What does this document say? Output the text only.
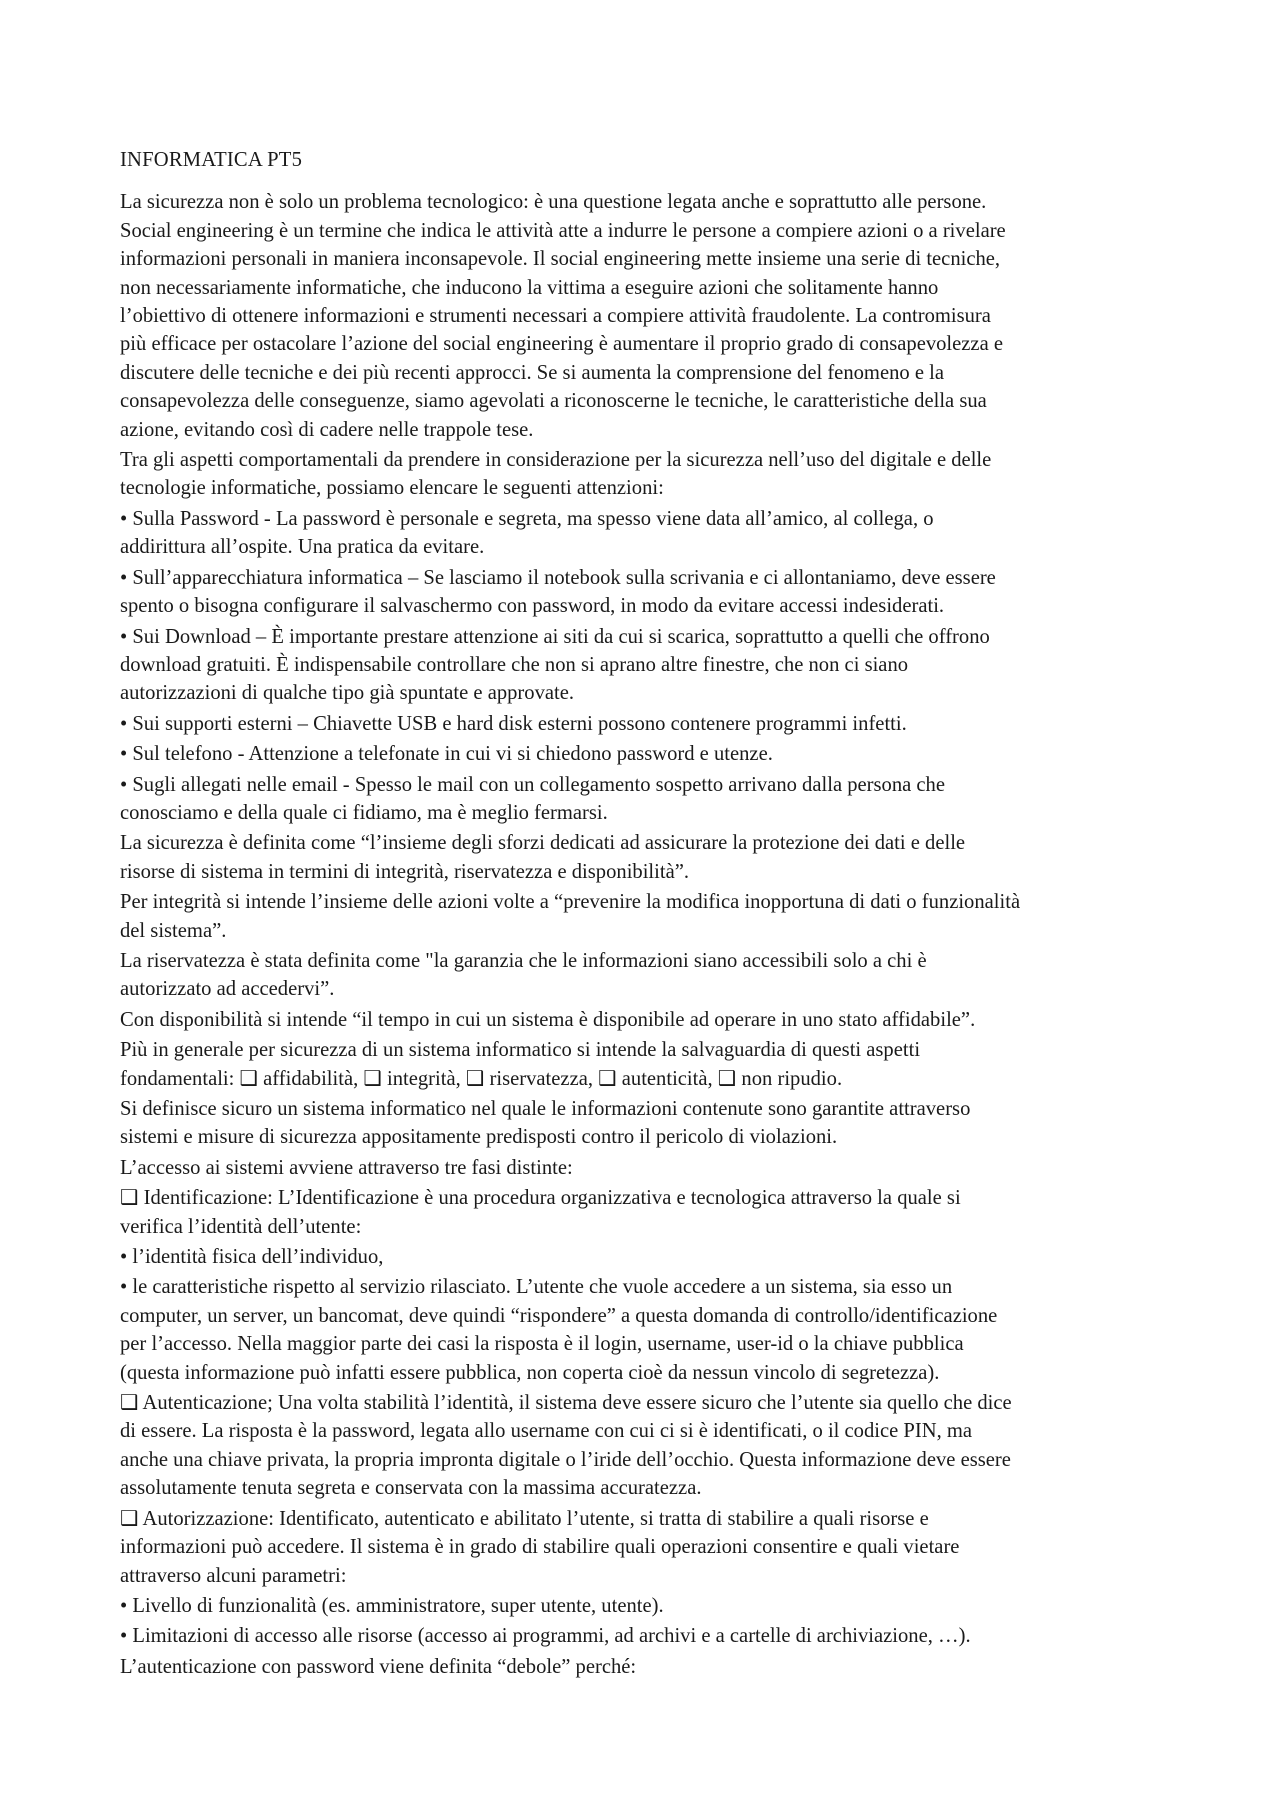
INFORMATICA PT5
La sicurezza non è solo un problema tecnologico: è una questione legata anche e soprattutto alle persone.
Social engineering è un termine che indica le attività atte a indurre le persone a compiere azioni o a rivelare
informazioni personali in maniera inconsapevole. Il social engineering mette insieme una serie di tecniche,
non necessariamente informatiche, che inducono la vittima a eseguire azioni che solitamente hanno
l’obiettivo di ottenere informazioni e strumenti necessari a compiere attività fraudolente. La contromisura
più efficace per ostacolare l’azione del social engineering è aumentare il proprio grado di consapevolezza e
discutere delle tecniche e dei più recenti approcci. Se si aumenta la comprensione del fenomeno e la
consapevolezza delle conseguenze, siamo agevolati a riconoscerne le tecniche, le caratteristiche della sua
azione, evitando così di cadere nelle trappole tese.
Tra gli aspetti comportamentali da prendere in considerazione per la sicurezza nell’uso del digitale e delle
tecnologie informatiche, possiamo elencare le seguenti attenzioni:
• Sulla Password - La password è personale e segreta, ma spesso viene data all’amico, al collega, o
addirittura all’ospite. Una pratica da evitare.
• Sull’apparecchiatura informatica – Se lasciamo il notebook sulla scrivania e ci allontaniamo, deve essere
spento o bisogna configurare il salvaschermo con password, in modo da evitare accessi indesiderati.
• Sui Download – È importante prestare attenzione ai siti da cui si scarica, soprattutto a quelli che offrono
download gratuiti. È indispensabile controllare che non si aprano altre finestre, che non ci siano
autorizzazioni di qualche tipo già spuntate e approvate.
• Sui supporti esterni – Chiavette USB e hard disk esterni possono contenere programmi infetti.
• Sul telefono - Attenzione a telefonate in cui vi si chiedono password e utenze.
• Sugli allegati nelle email - Spesso le mail con un collegamento sospetto arrivano dalla persona che
conosciamo e della quale ci fidiamo, ma è meglio fermarsi.
La sicurezza è definita come “l’insieme degli sforzi dedicati ad assicurare la protezione dei dati e delle
risorse di sistema in termini di integrità, riservatezza e disponibilità”.
Per integrità si intende l’insieme delle azioni volte a “prevenire la modifica inopportuna di dati o funzionalità
del sistema”.
La riservatezza è stata definita come "la garanzia che le informazioni siano accessibili solo a chi è
autorizzato ad accedervi”.
Con disponibilità si intende “il tempo in cui un sistema è disponibile ad operare in uno stato affidabile”.
Più in generale per sicurezza di un sistema informatico si intende la salvaguardia di questi aspetti
fondamentali: ❑ affidabilità, ❑ integrità, ❑ riservatezza, ❑ autenticità, ❑ non ripudio.
Si definisce sicuro un sistema informatico nel quale le informazioni contenute sono garantite attraverso
sistemi e misure di sicurezza appositamente predisposti contro il pericolo di violazioni.
L’accesso ai sistemi avviene attraverso tre fasi distinte:
❑ Identificazione: L’Identificazione è una procedura organizzativa e tecnologica attraverso la quale si
verifica l’identità dell’utente:
• l’identità fisica dell’individuo,
• le caratteristiche rispetto al servizio rilasciato. L’utente che vuole accedere a un sistema, sia esso un
computer, un server, un bancomat, deve quindi “rispondere” a questa domanda di controllo/identificazione
per l’accesso. Nella maggior parte dei casi la risposta è il login, username, user-id o la chiave pubblica
(questa informazione può infatti essere pubblica, non coperta cioè da nessun vincolo di segretezza).
❑ Autenticazione; Una volta stabilità l’identità, il sistema deve essere sicuro che l’utente sia quello che dice
di essere. La risposta è la password, legata allo username con cui ci si è identificati, o il codice PIN, ma
anche una chiave privata, la propria impronta digitale o l’iride dell’occhio. Questa informazione deve essere
assolutamente tenuta segreta e conservata con la massima accuratezza.
❑ Autorizzazione: Identificato, autenticato e abilitato l’utente, si tratta di stabilire a quali risorse e
informazioni può accedere. Il sistema è in grado di stabilire quali operazioni consentire e quali vietare
attraverso alcuni parametri:
• Livello di funzionalità (es. amministratore, super utente, utente).
• Limitazioni di accesso alle risorse (accesso ai programmi, ad archivi e a cartelle di archiviazione, …).
L’autenticazione con password viene definita “debole” perché:
